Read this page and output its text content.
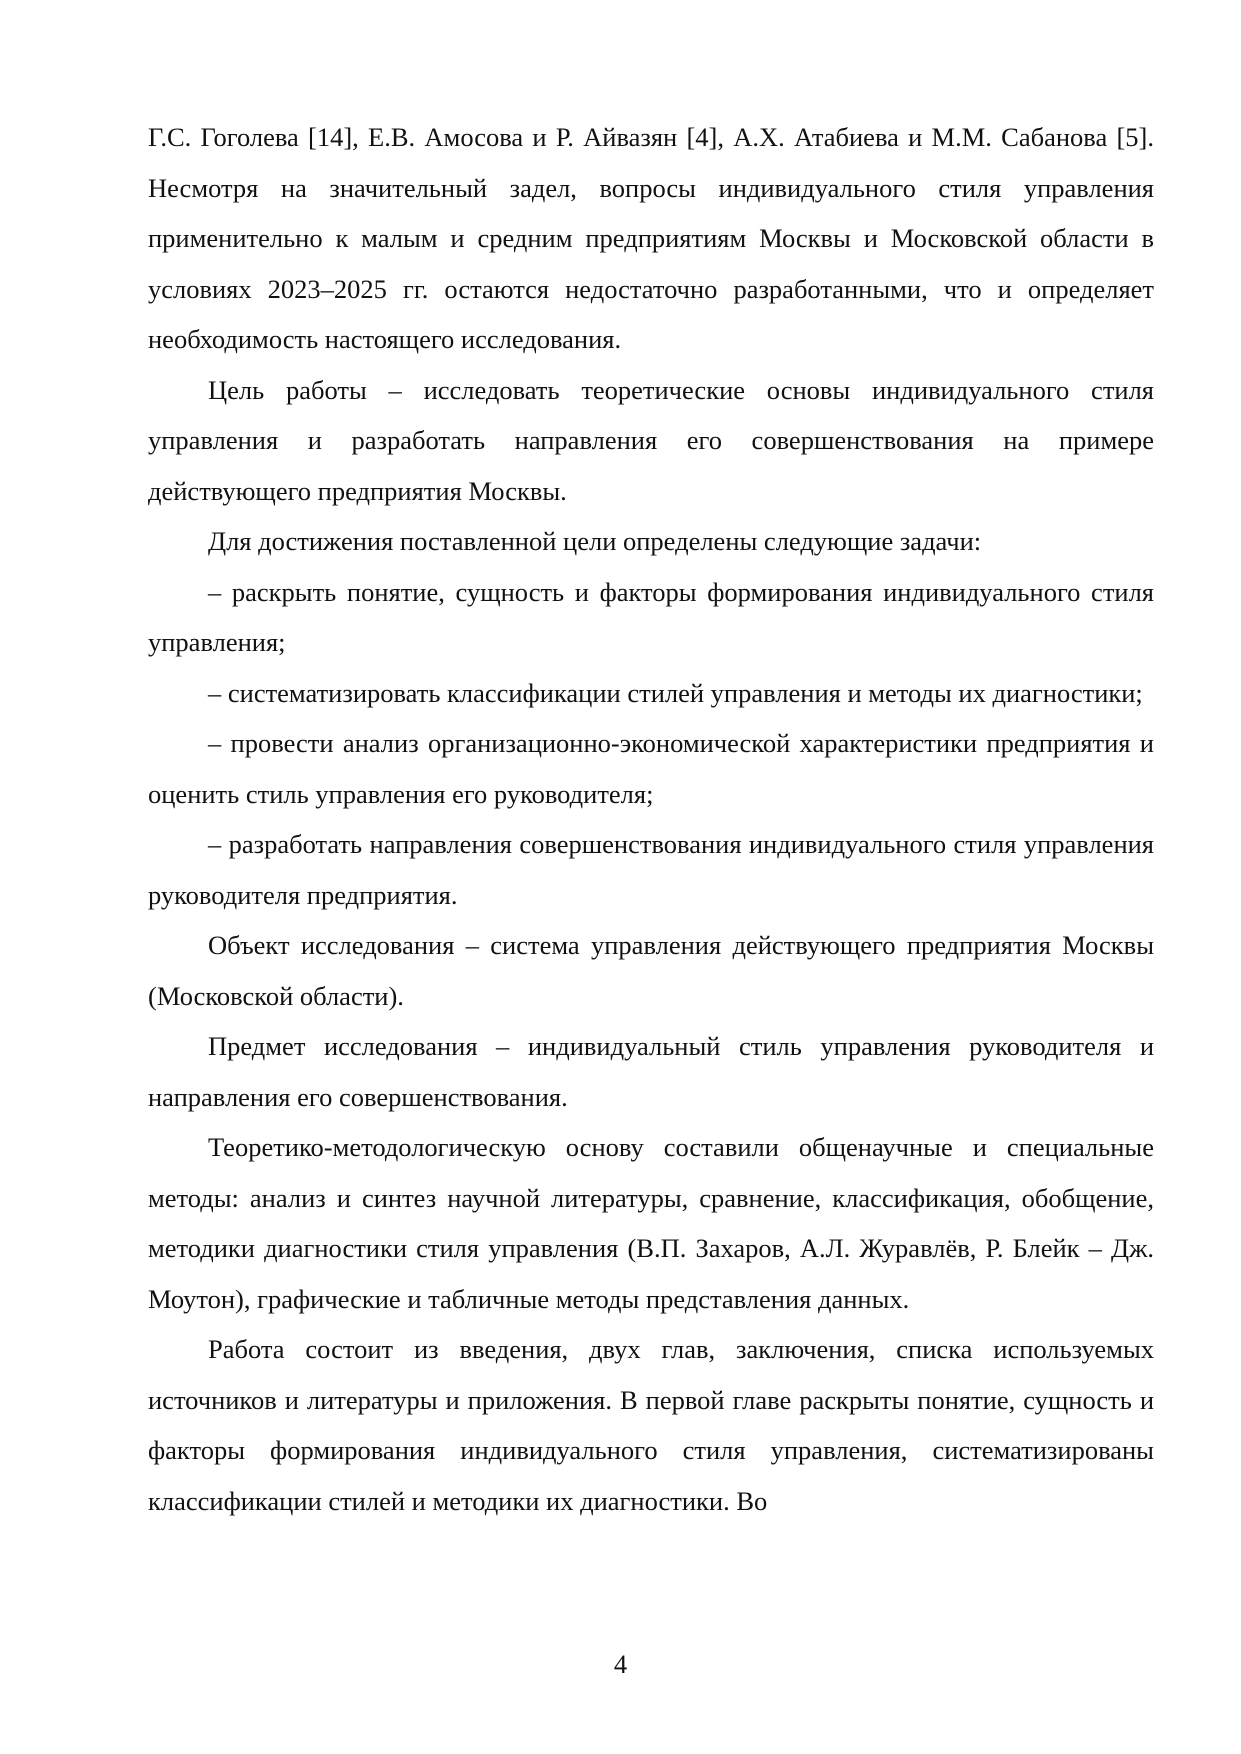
Г.С. Гоголева [14], Е.В. Амосова и Р. Айвазян [4], А.Х. Атабиева и М.М. Сабанова [5]. Несмотря на значительный задел, вопросы индивидуального стиля управления применительно к малым и средним предприятиям Москвы и Московской области в условиях 2023–2025 гг. остаются недостаточно разработанными, что и определяет необходимость настоящего исследования.

Цель работы – исследовать теоретические основы индивидуального стиля управления и разработать направления его совершенствования на примере действующего предприятия Москвы.

Для достижения поставленной цели определены следующие задачи:

– раскрыть понятие, сущность и факторы формирования индивидуального стиля управления;

– систематизировать классификации стилей управления и методы их диагностики;

– провести анализ организационно-экономической характеристики предприятия и оценить стиль управления его руководителя;

– разработать направления совершенствования индивидуального стиля управления руководителя предприятия.

Объект исследования – система управления действующего предприятия Москвы (Московской области).

Предмет исследования – индивидуальный стиль управления руководителя и направления его совершенствования.

Теоретико-методологическую основу составили общенаучные и специальные методы: анализ и синтез научной литературы, сравнение, классификация, обобщение, методики диагностики стиля управления (В.П. Захаров, А.Л. Журавлёв, Р. Блейк – Дж. Моутон), графические и табличные методы представления данных.

Работа состоит из введения, двух глав, заключения, списка используемых источников и литературы и приложения. В первой главе раскрыты понятие, сущность и факторы формирования индивидуального стиля управления, систематизированы классификации стилей и методики их диагностики. Во

4
